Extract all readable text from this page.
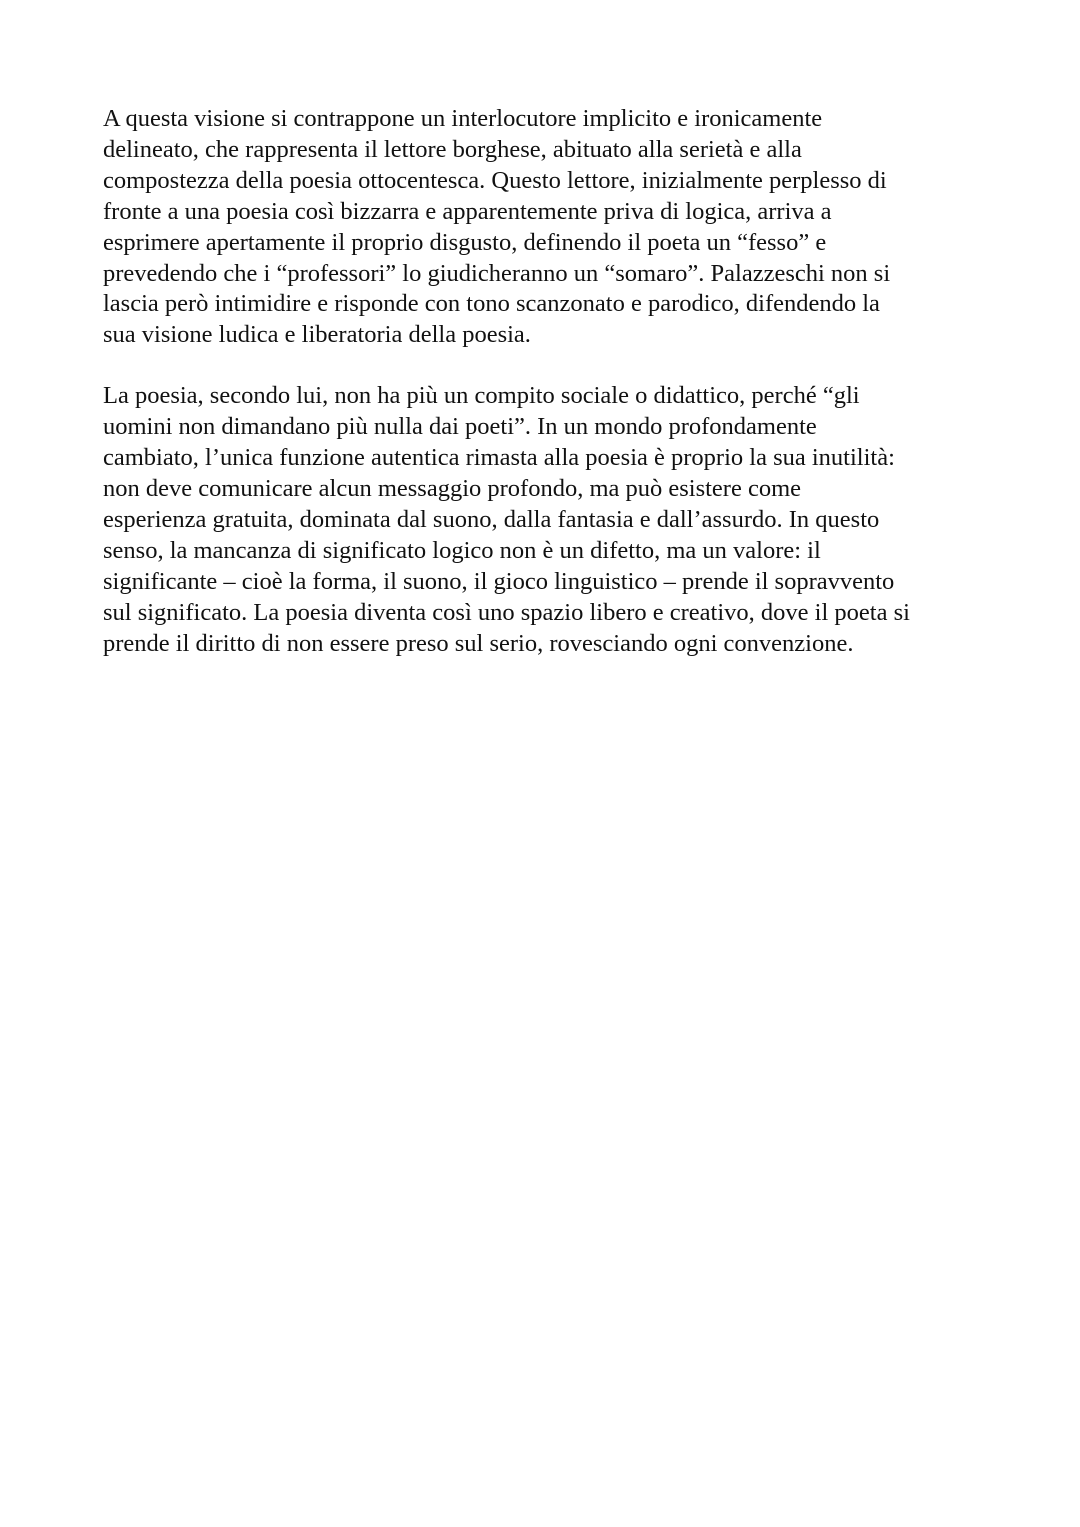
A questa visione si contrappone un interlocutore implicito e ironicamente
delineato, che rappresenta il lettore borghese, abituato alla serietà e alla
compostezza della poesia ottocentesca. Questo lettore, inizialmente perplesso di
fronte a una poesia così bizzarra e apparentemente priva di logica, arriva a
esprimere apertamente il proprio disgusto, definendo il poeta un “fesso” e
prevedendo che i “professori” lo giudicheranno un “somaro”. Palazzeschi non si
lascia però intimidire e risponde con tono scanzonato e parodico, difendendo la
sua visione ludica e liberatoria della poesia.

La poesia, secondo lui, non ha più un compito sociale o didattico, perché “gli
uomini non dimandano più nulla dai poeti”. In un mondo profondamente
cambiato, l’unica funzione autentica rimasta alla poesia è proprio la sua inutilità:
non deve comunicare alcun messaggio profondo, ma può esistere come
esperienza gratuita, dominata dal suono, dalla fantasia e dall’assurdo. In questo
senso, la mancanza di significato logico non è un difetto, ma un valore: il
significante – cioè la forma, il suono, il gioco linguistico – prende il sopravvento
sul significato. La poesia diventa così uno spazio libero e creativo, dove il poeta si
prende il diritto di non essere preso sul serio, rovesciando ogni convenzione.
